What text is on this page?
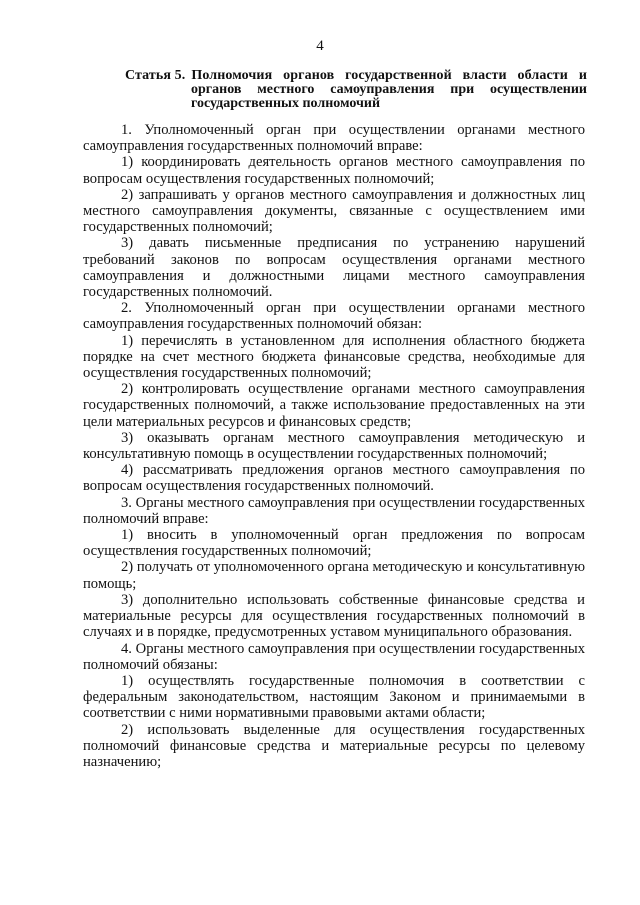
4
Статья 5. Полномочия органов государственной власти области и
органов местного самоуправления при осуществлении
государственных полномочий

1. Уполномоченный орган при осуществлении органами местного самоуправления государственных полномочий вправе:

1) координировать деятельность органов местного самоуправления по вопросам осуществления государственных полномочий;

2) запрашивать у органов местного самоуправления и должностных лиц местного самоуправления документы, связанные с осуществлением ими государственных полномочий;

3) давать письменные предписания по устранению нарушений требований законов по вопросам осуществления органами местного самоуправления и должностными лицами местного самоуправления государственных полномочий.

2. Уполномоченный орган при осуществлении органами местного самоуправления государственных полномочий обязан:

1) перечислять в установленном для исполнения областного бюджета порядке на счет местного бюджета финансовые средства, необходимые для осуществления государственных полномочий;

2) контролировать осуществление органами местного самоуправления государственных полномочий, а также использование предоставленных на эти цели материальных ресурсов и финансовых средств;

3) оказывать органам местного самоуправления методическую и консультативную помощь в осуществлении государственных полномочий;

4) рассматривать предложения органов местного самоуправления по вопросам осуществления государственных полномочий.

3. Органы местного самоуправления при осуществлении государственных полномочий вправе:

1) вносить в уполномоченный орган предложения по вопросам осуществления государственных полномочий;

2) получать от уполномоченного органа методическую и консультативную помощь;

3) дополнительно использовать собственные финансовые средства и материальные ресурсы для осуществления государственных полномочий в случаях и в порядке, предусмотренных уставом муниципального образования.

4. Органы местного самоуправления при осуществлении государственных полномочий обязаны:

1) осуществлять государственные полномочия в соответствии с федеральным законодательством, настоящим Законом и принимаемыми в соответствии с ними нормативными правовыми актами области;

2) использовать выделенные для осуществления государственных полномочий финансовые средства и материальные ресурсы по целевому назначению;
